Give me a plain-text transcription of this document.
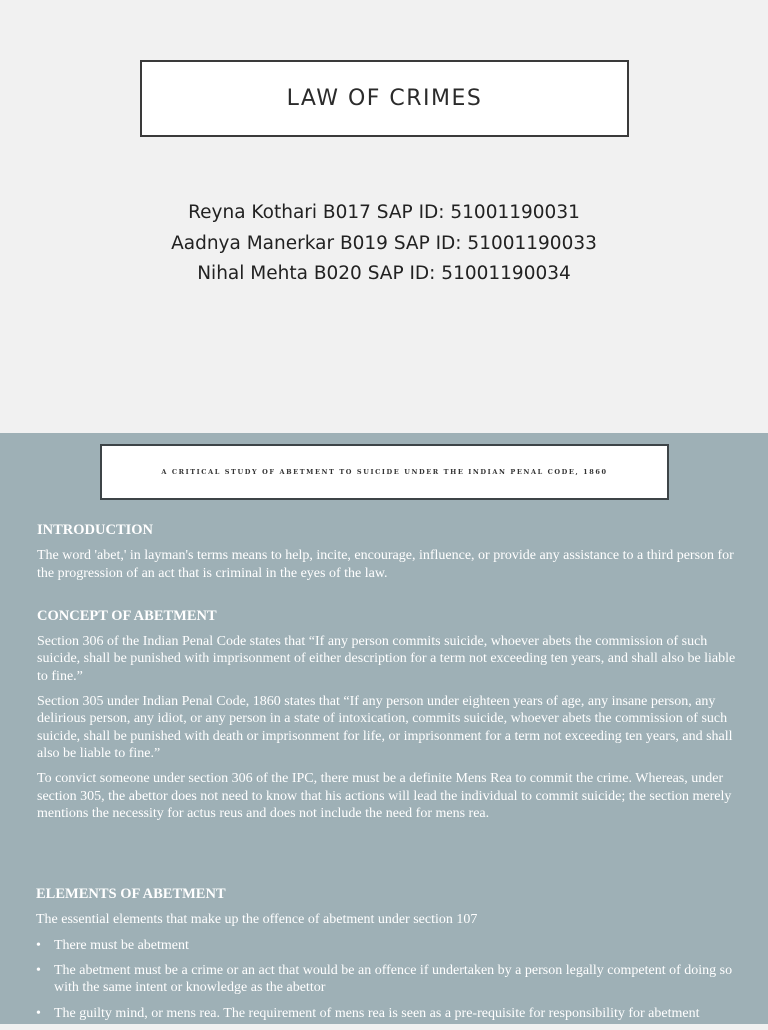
LAW OF CRIMES
Reyna Kothari B017 SAP ID: 51001190031
Aadnya Manerkar B019 SAP ID: 51001190033
Nihal Mehta B020 SAP ID: 51001190034
A CRITICAL STUDY OF ABETMENT TO SUICIDE UNDER THE INDIAN PENAL CODE, 1860
INTRODUCTION
The word 'abet,' in layman's terms means to help, incite, encourage, influence, or provide any assistance to a third person for the progression of an act that is criminal in the eyes of the law.
CONCEPT OF ABETMENT
Section 306 of the Indian Penal Code states that “If any person commits suicide, whoever abets the commission of such suicide, shall be punished with imprisonment of either description for a term not exceeding ten years, and shall also be liable to fine.”
Section 305 under Indian Penal Code, 1860 states that “If any person under eighteen years of age, any insane person, any delirious person, any idiot, or any person in a state of intoxication, commits suicide, whoever abets the commission of such suicide, shall be punished with death or imprisonment for life, or imprisonment for a term not exceeding ten years, and shall also be liable to fine.”
To convict someone under section 306 of the IPC, there must be a definite Mens Rea to commit the crime. Whereas, under section 305, the abettor does not need to know that his actions will lead the individual to commit suicide; the section merely mentions the necessity for actus reus and does not include the need for mens rea.
ELEMENTS OF ABETMENT
The essential elements that make up the offence of abetment under section 107
• There must be abetment
• The abetment must be a crime or an act that would be an offence if undertaken by a person legally competent of doing so with the same intent or knowledge as the abettor
• The guilty mind, or mens rea. The requirement of mens rea is seen as a pre-requisite for responsibility for abetment
